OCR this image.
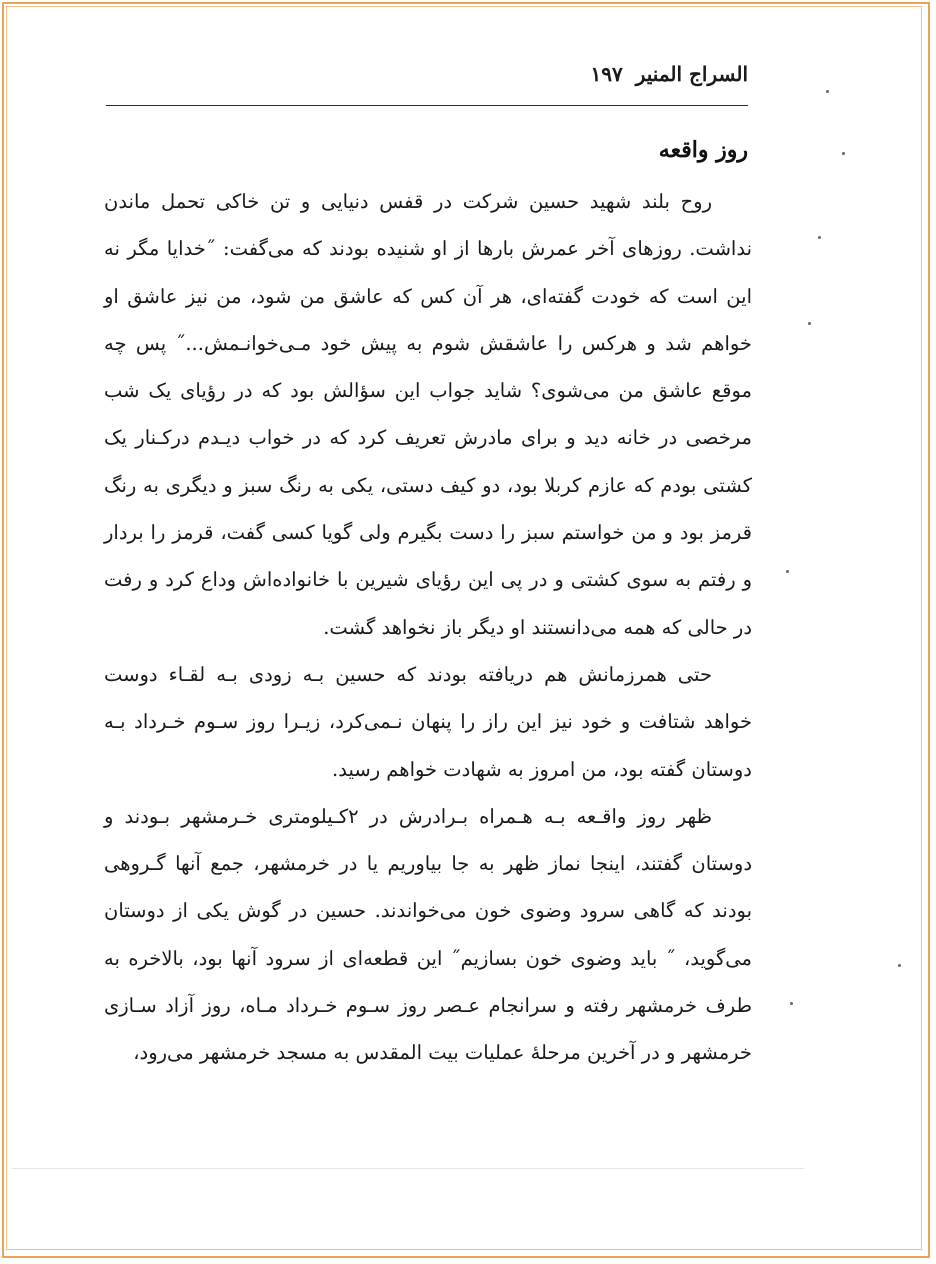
السراج المنیر ۱۹۷
روز واقعه

روح بلند شهید حسین شرکت در قفس دنیایی و تن خاکی تحمل ماندن نداشت. روزهای آخر عمرش بارها از او شنیده بودند که می‌گفت: ˝خدایا مگر نه این است که خودت گفته‌ای، هر آن کس که عاشق من شود، من نیز عاشق او خواهم شد و هرکس را عاشقش شوم به پیش خود مـی‌خوانـمش...˝ پس چه موقع عاشق من می‌شوی؟ شاید جواب این سؤالش بود که در رؤیای یک شب مرخصی در خانه دید و برای مادرش تعریف کرد که در خواب دیـدم درکـنار یک کشتی بودم که عازم کربلا بود، دو کیف دستی، یکی به رنگ سبز و دیگری به رنگ قرمز بود و من خواستم سبز را دست بگیرم ولی گویا کسی گفت، قرمز را بردار و رفتم به سوی کشتی و در پی این رؤیای شیرین با خانواده‌اش وداع کرد و رفت در حالی که همه می‌دانستند او دیگر باز نخواهد گشت.

حتی همرزمانش هم دریافته بودند که حسین بـه زودی بـه لقـاء دوست خواهد شتافت و خود نیز این راز را پنهان نـمی‌کرد، زیـرا روز سـوم خـرداد بـه دوستان گفته بود، من امروز به شهادت خواهم رسید.

ظهر روز واقـعه بـه هـمراه بـرادرش در ۲کـیلومتری خـرمشهر بـودند و دوستان گفتند، اینجا نماز ظهر به جا بیاوریم یا در خرمشهر، جمع آنها گـروهی بودند که گاهی سرود وضوی خون می‌خواندند. حسین در گوش یکی از دوستان می‌گوید، ˝ باید وضوی خون بسازیم˝ این قطعه‌ای از سرود آنها بود، بالاخره به طرف خرمشهر رفته و سرانجام عـصر روز سـوم خـرداد مـاه، روز آزاد سـازی خرمشهر و در آخرین مرحلهٔ عملیات بیت المقدس به مسجد خرمشهر می‌رود،
